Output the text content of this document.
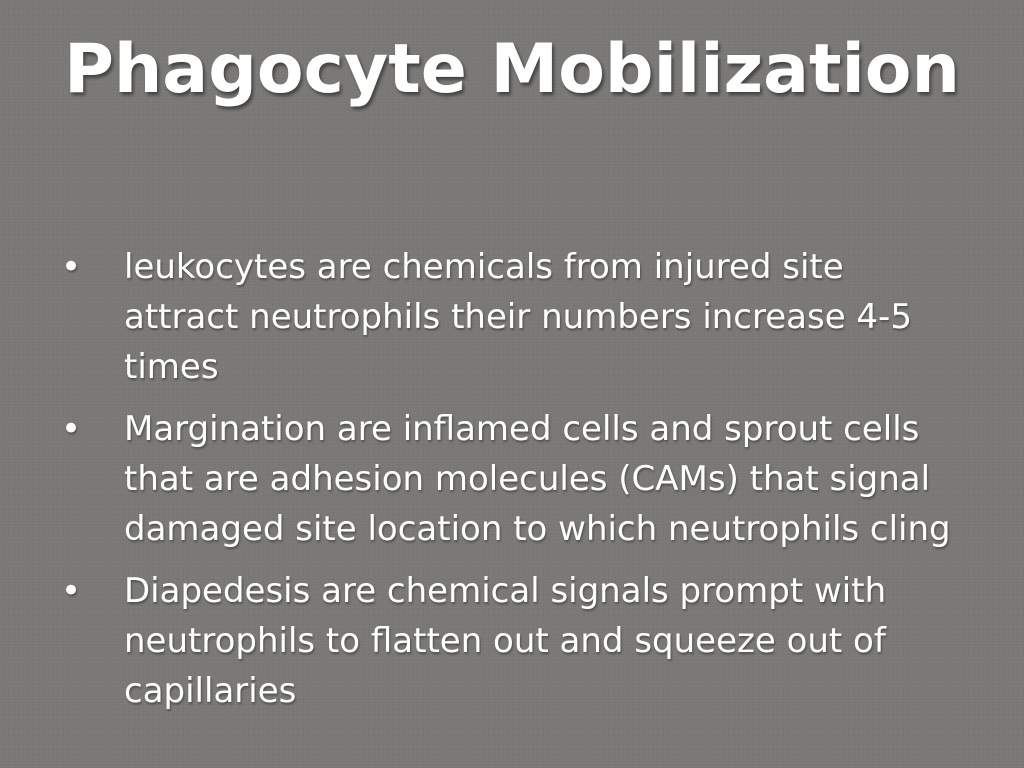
Phagocyte Mobilization
• leukocytes are chemicals from injured site attract neutrophils their numbers increase 4-5 times
• Margination are inflamed cells and sprout cells that are adhesion molecules (CAMs) that signal damaged site location to which neutrophils cling
• Diapedesis are chemical signals prompt with neutrophils to flatten out and squeeze out of capillaries
